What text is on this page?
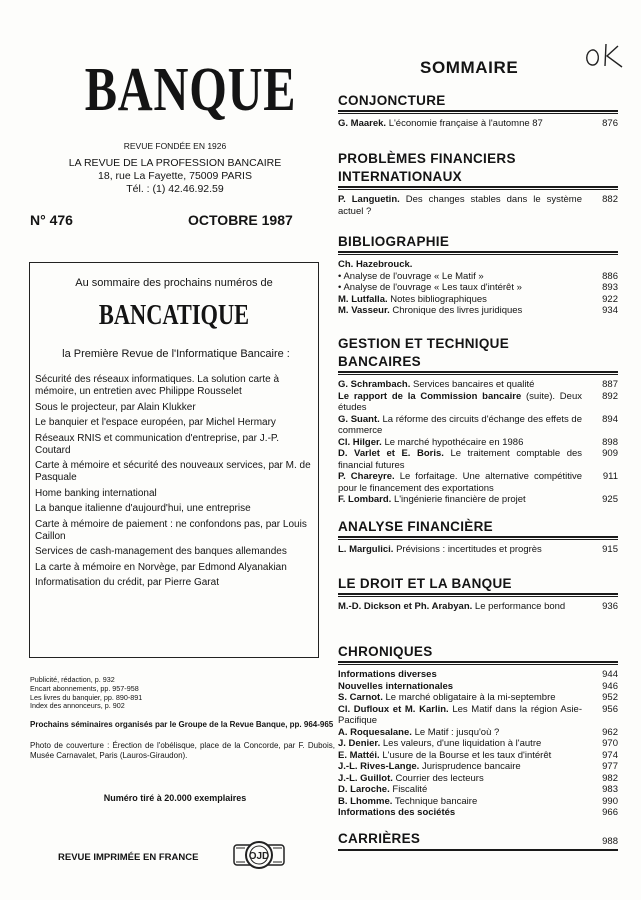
BANQUE
REVUE FONDÉE EN 1926
LA REVUE DE LA PROFESSION BANCAIRE
18, rue La Fayette, 75009 PARIS
Tél. : (1) 42.46.92.59
N° 476	OCTOBRE 1987
Au sommaire des prochains numéros de
BANCATIQUE
la Première Revue de l'Informatique Bancaire :
Sécurité des réseaux informatiques. La solution carte à mémoire, un entretien avec Philippe Rousselet
Sous le projecteur, par Alain Klukker
Le banquier et l'espace européen, par Michel Hermary
Réseaux RNIS et communication d'entreprise, par J.-P. Coutard
Carte à mémoire et sécurité des nouveaux services, par M. de Pasquale
Home banking international
La banque italienne d'aujourd'hui, une entreprise
Carte à mémoire de paiement : ne confondons pas, par Louis Caillon
Services de cash-management des banques allemandes
La carte à mémoire en Norvège, par Edmond Alyanakian
Informatisation du crédit, par Pierre Garat
Publicité, rédaction, p. 932
Encart abonnements, pp. 957-958
Les livres du banquier, pp. 890-891
Index des annonceurs, p. 902
Prochains séminaires organisés par le Groupe de la Revue Banque, pp. 964-965
Photo de couverture : Érection de l'obélisque, place de la Concorde, par F. Dubois, Musée Carnavalet, Paris (Lauros-Giraudon).
Numéro tiré à 20.000 exemplaires
REVUE IMPRIMÉE EN FRANCE	OJD
SOMMAIRE
CONJONCTURE
G. Maarek. L'économie française à l'automne 87	876
PROBLÈMES FINANCIERS
INTERNATIONAUX
P. Languetin. Des changes stables dans le système actuel ?
882
BIBLIOGRAPHIE
Ch. Hazebrouck.
• Analyse de l'ouvrage « Le Matif »	886
• Analyse de l'ouvrage « Les taux d'intérêt »	893
M. Lutfalla. Notes bibliographiques	922
M. Vasseur. Chronique des livres juridiques	934
GESTION ET TECHNIQUE
BANCAIRES
G. Schrambach. Services bancaires et qualité	887
Le rapport de la Commission bancaire (suite). Deux études
892
G. Suant. La réforme des circuits d'échange des effets de commerce
894
Cl. Hilger. Le marché hypothécaire en 1986	898
D. Varlet et E. Boris. Le traitement comptable des financial futures
909
P. Chareyre. Le forfaitage. Une alternative compétitive pour le financement des exportations
911
F. Lombard. L'ingénierie financière de projet	925
ANALYSE FINANCIÈRE
L. Margulici. Prévisions : incertitudes et progrès	915
LE DROIT ET LA BANQUE
M.-D. Dickson et Ph. Arabyan. Le performance bond	936
CHRONIQUES
Informations diverses	944
Nouvelles internationales	946
S. Carnot. Le marché obligataire à la mi-septembre	952
Cl. Dufloux et M. Karlin. Les Matif dans la région Asie-Pacifique
956
A. Roquesalane. Le Matif : jusqu'où ?	962
J. Denier. Les valeurs, d'une liquidation à l'autre	970
E. Mattéi. L'usure de la Bourse et les taux d'intérêt	974
J.-L. Rives-Lange. Jurisprudence bancaire	977
J.-L. Guillot. Courrier des lecteurs	982
D. Laroche. Fiscalité	983
B. Lhomme. Technique bancaire	990
Informations des sociétés	966
CARRIÈRES	988
